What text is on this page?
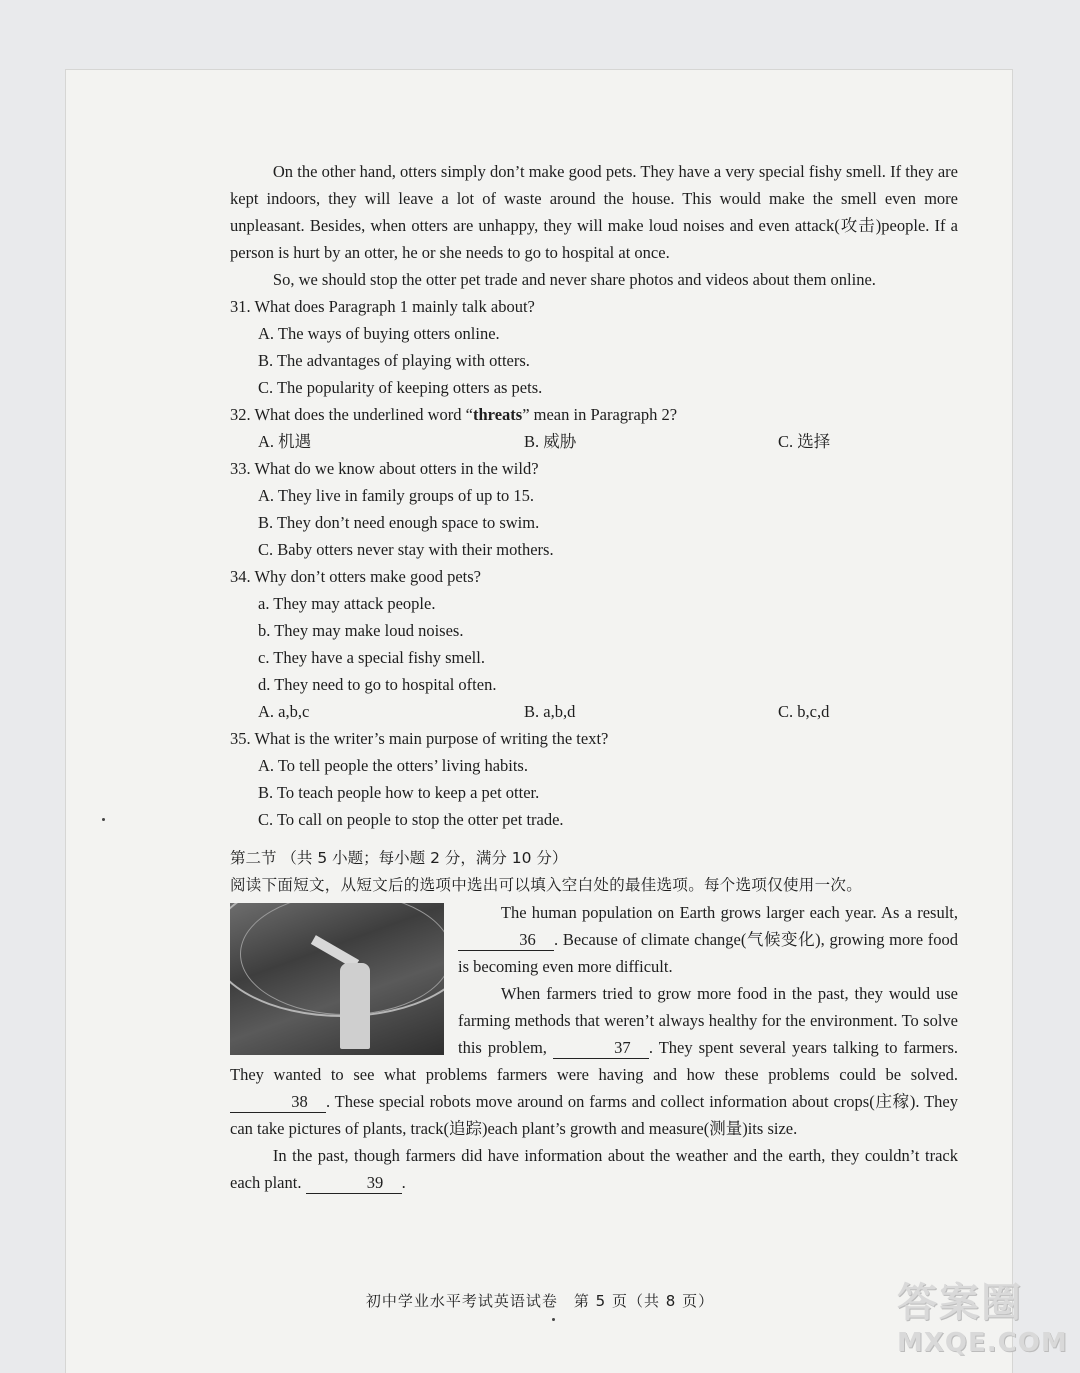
On the other hand, otters simply don’t make good pets. They have a very special fishy smell. If they are kept indoors, they will leave a lot of waste around the house. This would make the smell even more unpleasant. Besides, when otters are unhappy, they will make loud noises and even attack(攻击)people. If a person is hurt by an otter, he or she needs to go to hospital at once.

So, we should stop the otter pet trade and never share photos and videos about them online.

31. What does Paragraph 1 mainly talk about?

A. The ways of buying otters online.

B. The advantages of playing with otters.

C. The popularity of keeping otters as pets.

32. What does the underlined word “threats” mean in Paragraph 2?

A. 机遇	B. 威胁	C. 选择

33. What do we know about otters in the wild?

A. They live in family groups of up to 15.

B. They don’t need enough space to swim.

C. Baby otters never stay with their mothers.

34. Why don’t otters make good pets?

a. They may attack people.

b. They may make loud noises.

c. They have a special fishy smell.

d. They need to go to hospital often.

A. a,b,c	B. a,b,d	C. b,c,d

35. What is the writer’s main purpose of writing the text?

A. To tell people the otters’ living habits.

B. To teach people how to keep a pet otter.

C. To call on people to stop the otter pet trade.

第二节 （共 5 小题；每小题 2 分，满分 10 分）

阅读下面短文，从短文后的选项中选出可以填入空白处的最佳选项。每个选项仅使用一次。

The human population on Earth grows larger each year. As a result, 36 . Because of climate change(气候变化), growing more food is becoming even more difficult.

When farmers tried to grow more food in the past, they would use farming methods that weren’t always healthy for the environment. To solve this problem,	37 . They spent several years talking to farmers. They wanted to see what problems farmers were having and how these problems could be solved. 38 . These special robots move around on farms and collect information about crops(庄稼). They can take pictures of plants, track(追踪)each plant’s growth and measure(测量)its size.

In the past, though farmers did have information about the weather and the earth, they couldn’t track each plant.	39 .

初中学业水平考试英语试卷　第 5 页（共 8 页）	答案圈
MXQE.COM
